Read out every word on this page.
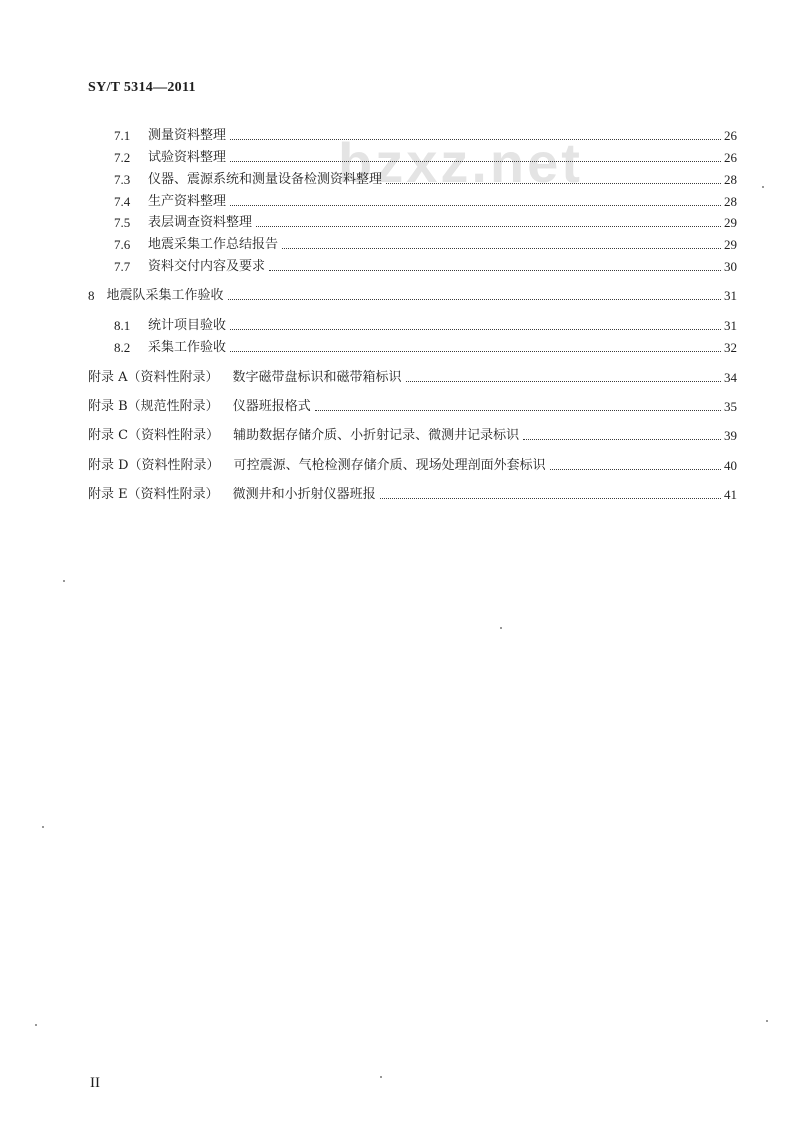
SY/T 5314—2011
bzxz.net
7.1 测量资料整理	26
7.2 试验资料整理	26
7.3 仪器、震源系统和测量设备检测资料整理	28
7.4 生产资料整理	28
7.5 表层调查资料整理	29
7.6 地震采集工作总结报告	29
7.7 资料交付内容及要求	30
8 地震队采集工作验收	31
8.1 统计项目验收	31
8.2 采集工作验收	32
附录 A（资料性附录） 数字磁带盘标识和磁带箱标识	34
附录 B（规范性附录） 仪器班报格式	35
附录 C（资料性附录） 辅助数据存储介质、小折射记录、微测井记录标识	39
附录 D（资料性附录） 可控震源、气枪检测存储介质、现场处理剖面外套标识	40
附录 E（资料性附录） 微测井和小折射仪器班报	41
II
